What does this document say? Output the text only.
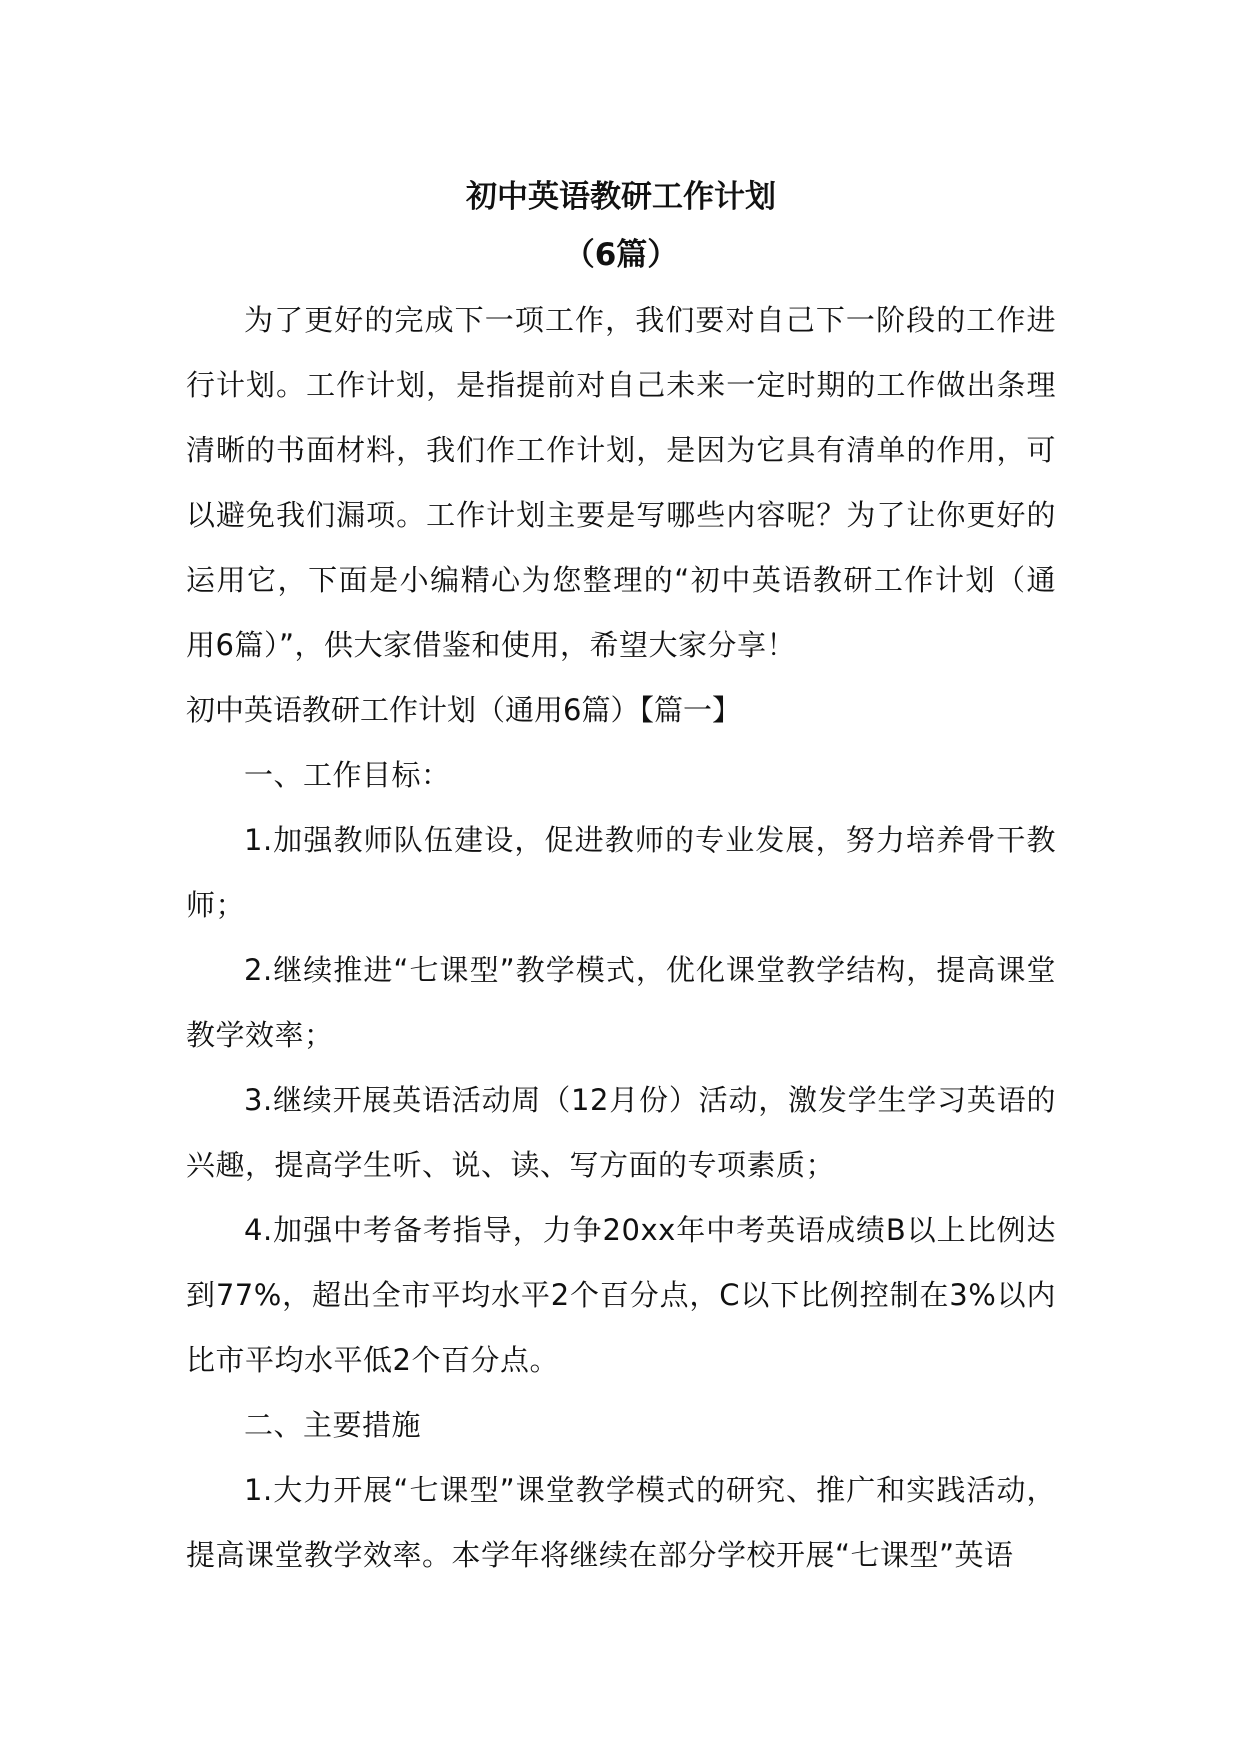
初中英语教研工作计划
（6篇）

为了更好的完成下一项工作，我们要对自己下一阶段的工作进行计划。工作计划，是指提前对自己未来一定时期的工作做出条理清晰的书面材料，我们作工作计划，是因为它具有清单的作用，可以避免我们漏项。工作计划主要是写哪些内容呢？为了让你更好的运用它，下面是小编精心为您整理的“初中英语教研工作计划（通用6篇）”，供大家借鉴和使用，希望大家分享！

初中英语教研工作计划（通用6篇）【篇一】

一、工作目标：

1.加强教师队伍建设，促进教师的专业发展，努力培养骨干教师；

2.继续推进“七课型”教学模式，优化课堂教学结构，提高课堂教学效率；

3.继续开展英语活动周（12月份）活动，激发学生学习英语的兴趣，提高学生听、说、读、写方面的专项素质；

4.加强中考备考指导，力争20xx年中考英语成绩B以上比例达到77%，超出全市平均水平2个百分点，C以下比例控制在3%以内比市平均水平低2个百分点。

二、主要措施

1.大力开展“七课型”课堂教学模式的研究、推广和实践活动，提高课堂教学效率。本学年将继续在部分学校开展“七课型”英语
